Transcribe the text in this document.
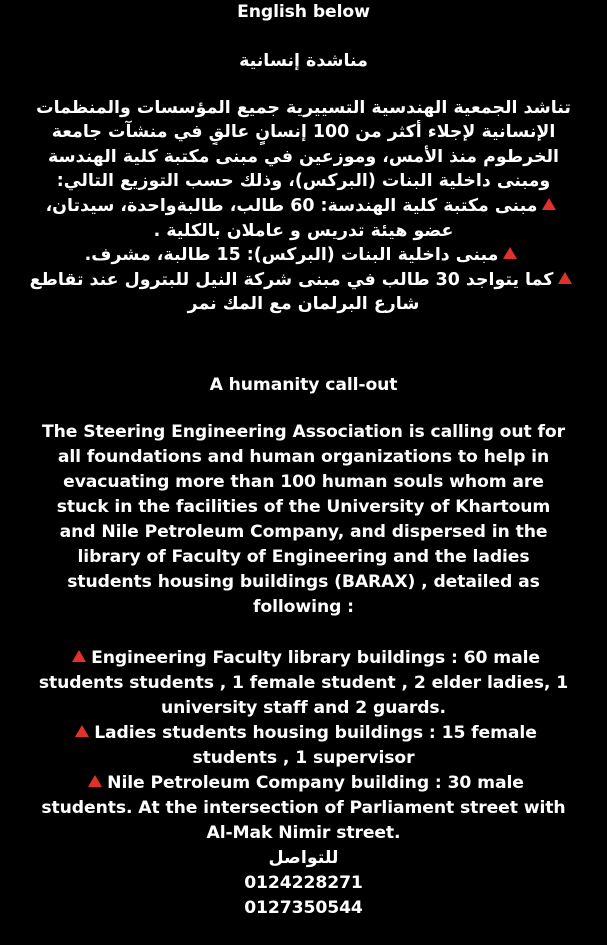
English below
مناشدة إنسانية
تناشد الجمعية الهندسية التسييرية جميع المؤسسات والمنظمات
الإنسانية لإجلاء أكثر من 100 إنسانٍ عالقٍ في منشآت جامعة
الخرطوم منذ الأمس، وموزعين في مبنى مكتبة كلية الهندسة
ومبنى داخلية البنات (البركس)، وذلك حسب التوزيع التالي:
مبنى مكتبة كلية الهندسة: 60 طالب، طالبةواحدة، سيدتان،
عضو هيئة تدريس و عاملان بالكلية .
مبنى داخلية البنات (البركس): 15 طالبة، مشرف.
كما يتواجد 30 طالب في مبنى شركة النيل للبترول عند تقاطع
شارع البرلمان مع المك نمر
A humanity call-out
The Steering Engineering Association is calling out for
all foundations and human organizations to help in
evacuating more than 100 human souls whom are
stuck in the facilities of the University of Khartoum
and Nile Petroleum Company, and dispersed in the
library of Faculty of Engineering and the ladies
students housing buildings (BARAX) , detailed as
following :
Engineering Faculty library buildings : 60 male
students students , 1 female student , 2 elder ladies, 1
university staff and 2 guards.
Ladies students housing buildings : 15 female
students , 1 supervisor
Nile Petroleum Company building : 30 male
students. At the intersection of Parliament street with
Al-Mak Nimir street.
للتواصل
0124228271
0127350544
